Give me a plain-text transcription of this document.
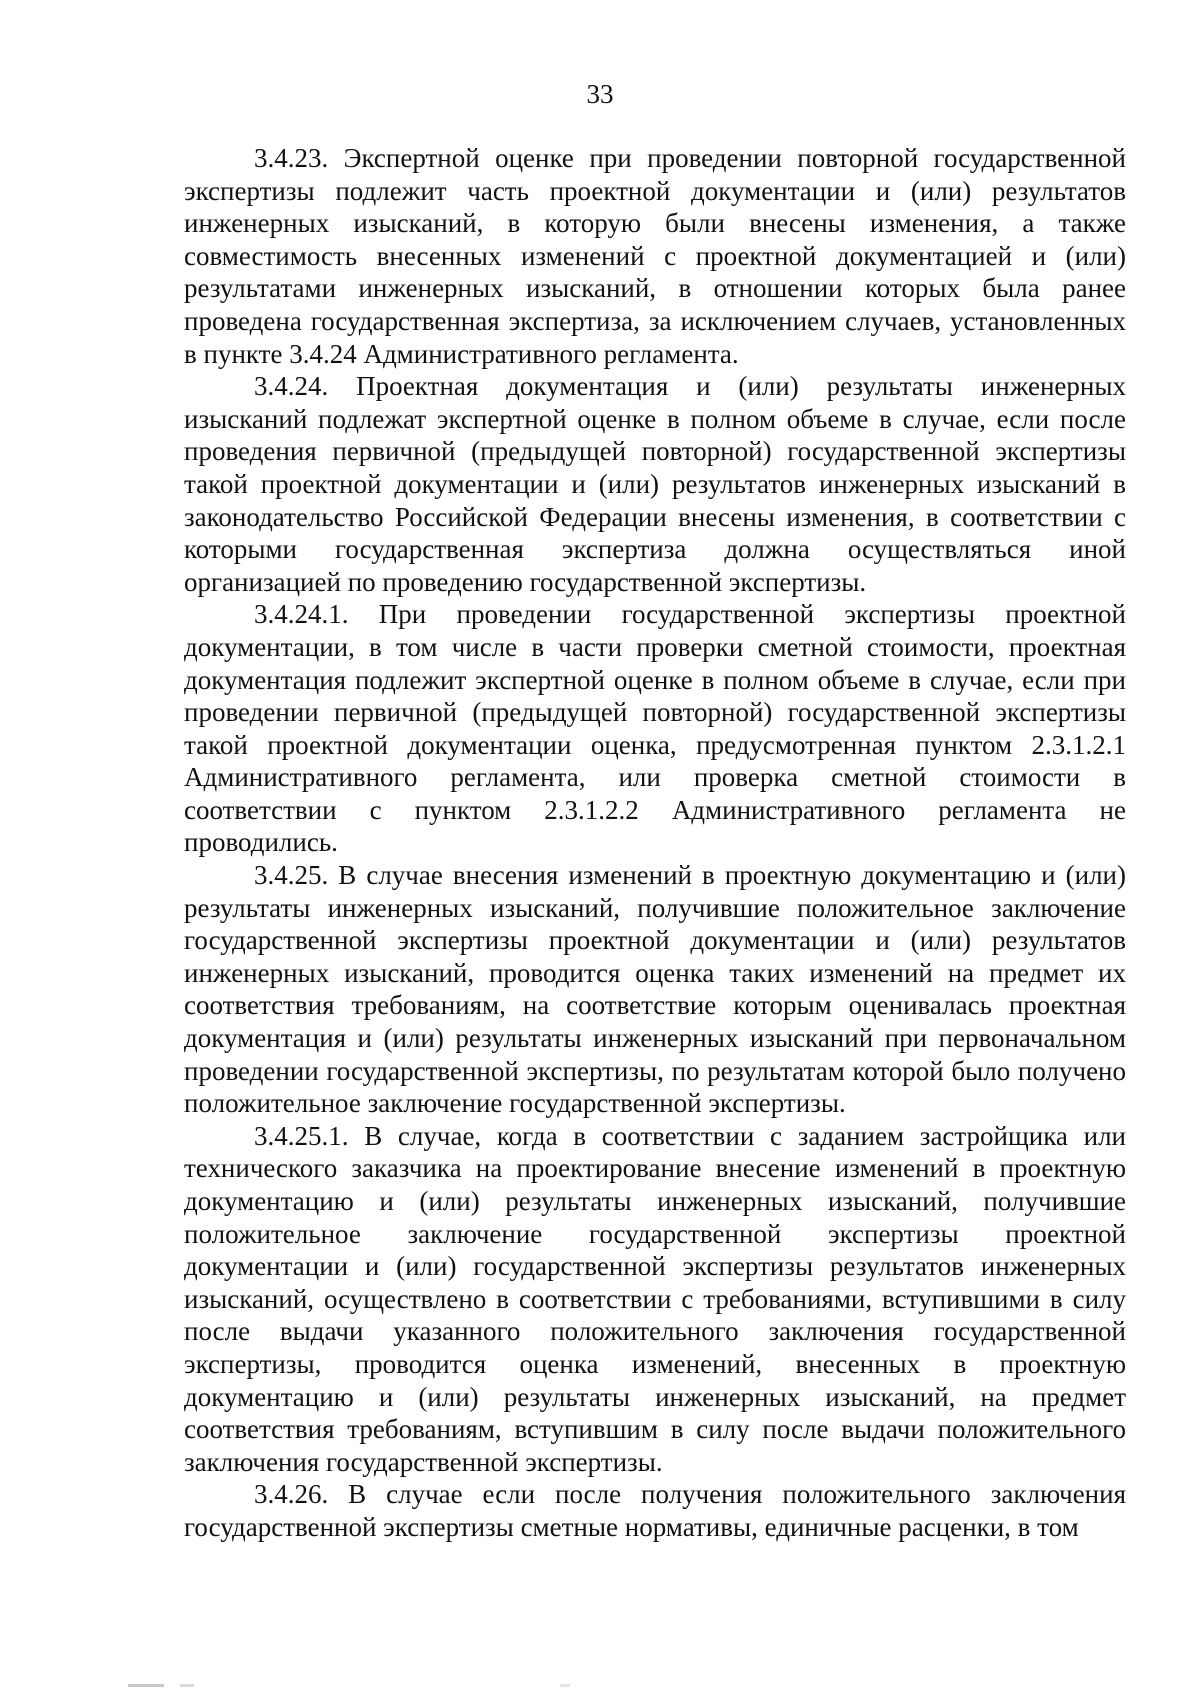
33

3.4.23. Экспертной оценке при проведении повторной государственной экспертизы подлежит часть проектной документации и (или) результатов инженерных изысканий, в которую были внесены изменения, а также совместимость внесенных изменений с проектной документацией и (или) результатами инженерных изысканий, в отношении которых была ранее проведена государственная экспертиза, за исключением случаев, установленных в пункте 3.4.24 Административного регламента.

3.4.24. Проектная документация и (или) результаты инженерных изысканий подлежат экспертной оценке в полном объеме в случае, если после проведения первичной (предыдущей повторной) государственной экспертизы такой проектной документации и (или) результатов инженерных изысканий в законодательство Российской Федерации внесены изменения, в соответствии с которыми государственная экспертиза должна осуществляться иной организацией по проведению государственной экспертизы.

3.4.24.1. При проведении государственной экспертизы проектной документации, в том числе в части проверки сметной стоимости, проектная документация подлежит экспертной оценке в полном объеме в случае, если при проведении первичной (предыдущей повторной) государственной экспертизы такой проектной документации оценка, предусмотренная пунктом 2.3.1.2.1 Административного регламента, или проверка сметной стоимости в соответствии с пунктом 2.3.1.2.2 Административного регламента не проводились.

3.4.25. В случае внесения изменений в проектную документацию и (или) результаты инженерных изысканий, получившие положительное заключение государственной экспертизы проектной документации и (или) результатов инженерных изысканий, проводится оценка таких изменений на предмет их соответствия требованиям, на соответствие которым оценивалась проектная документация и (или) результаты инженерных изысканий при первоначальном проведении государственной экспертизы, по результатам которой было получено положительное заключение государственной экспертизы.

3.4.25.1. В случае, когда в соответствии с заданием застройщика или технического заказчика на проектирование внесение изменений в проектную документацию и (или) результаты инженерных изысканий, получившие положительное заключение государственной экспертизы проектной документации и (или) государственной экспертизы результатов инженерных изысканий, осуществлено в соответствии с требованиями, вступившими в силу после выдачи указанного положительного заключения государственной экспертизы, проводится оценка изменений, внесенных в проектную документацию и (или) результаты инженерных изысканий, на предмет соответствия требованиям, вступившим в силу после выдачи положительного заключения государственной экспертизы.

3.4.26. В случае если после получения положительного заключения государственной экспертизы сметные нормативы, единичные расценки, в том
